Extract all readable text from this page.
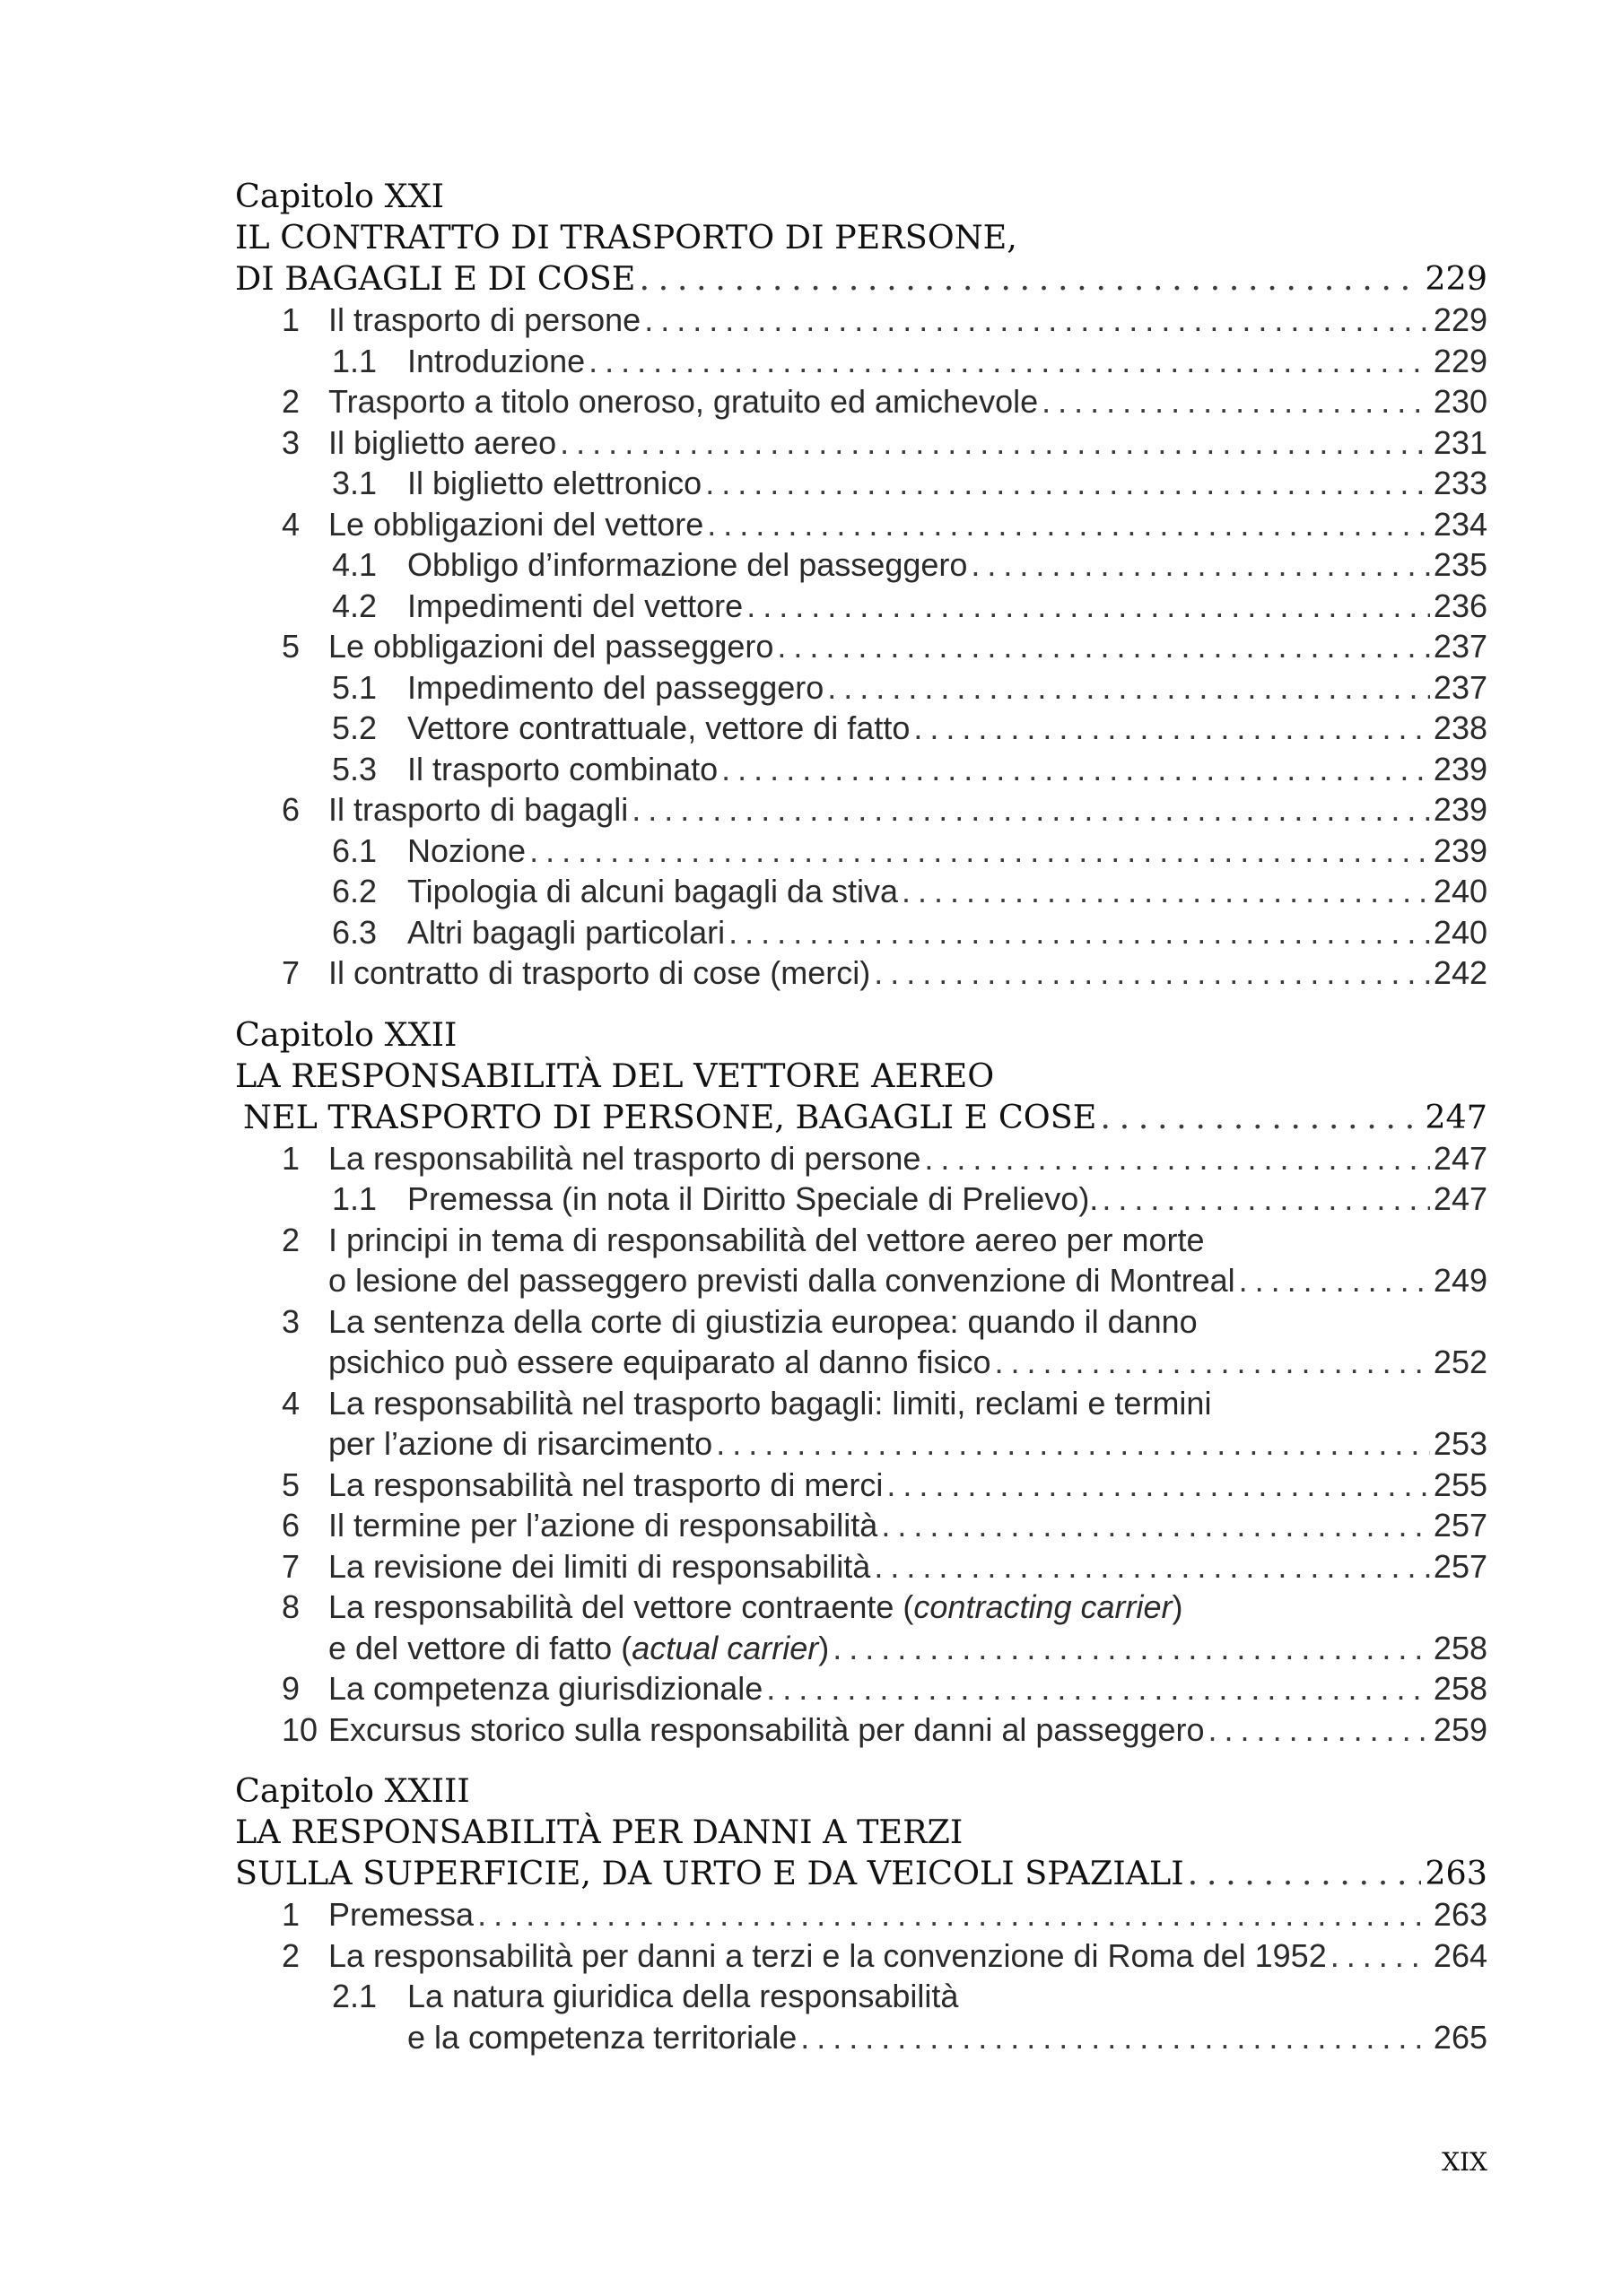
Capitolo XXI
IL CONTRATTO DI TRASPORTO DI PERSONE,
DI BAGAGLI E DI COSE . . .	229
1 Il trasporto di persone . . .	229
1.1 Introduzione . . .	229
2 Trasporto a titolo oneroso, gratuito ed amichevole . . .	230
3 Il biglietto aereo . . .	231
3.1 Il biglietto elettronico . . .	233
4 Le obbligazioni del vettore . . .	234
4.1 Obbligo d’informazione del passeggero . . .	235
4.2 Impedimenti del vettore . . .	236
5 Le obbligazioni del passeggero . . .	237
5.1 Impedimento del passeggero . . .	237
5.2 Vettore contrattuale, vettore di fatto . . .	238
5.3 Il trasporto combinato . . .	239
6 Il trasporto di bagagli . . .	239
6.1 Nozione . . .	239
6.2 Tipologia di alcuni bagagli da stiva . . .	240
6.3 Altri bagagli particolari . . .	240
7 Il contratto di trasporto di cose (merci) . . .	242
Capitolo XXII
LA RESPONSABILITÀ DEL VETTORE AEREO
NEL TRASPORTO DI PERSONE, BAGAGLI E COSE . . .	247
1 La responsabilità nel trasporto di persone . . .	247
1.1 Premessa (in nota il Diritto Speciale di Prelievo). . . .	247
2 I principi in tema di responsabilità del vettore aereo per morte
o lesione del passeggero previsti dalla convenzione di Montreal . . .	249
3 La sentenza della corte di giustizia europea: quando il danno
psichico può essere equiparato al danno fisico . . .	252
4 La responsabilità nel trasporto bagagli: limiti, reclami e termini
per l’azione di risarcimento . . .	253
5 La responsabilità nel trasporto di merci . . .	255
6 Il termine per l’azione di responsabilità . . .	257
7 La revisione dei limiti di responsabilità . . .	257
8 La responsabilità del vettore contraente (contracting carrier)
e del vettore di fatto (actual carrier) . . .	258
9 La competenza giurisdizionale . . .	258
10 Excursus storico sulla responsabilità per danni al passeggero . . .	259
Capitolo XXIII
LA RESPONSABILITÀ PER DANNI A TERZI
SULLA SUPERFICIE, DA URTO E DA VEICOLI SPAZIALI . . .	263
1 Premessa . . .	263
2 La responsabilità per danni a terzi e la convenzione di Roma del 1952 . . .	264
2.1 La natura giuridica della responsabilità
e la competenza territoriale . . .	265
XIX
